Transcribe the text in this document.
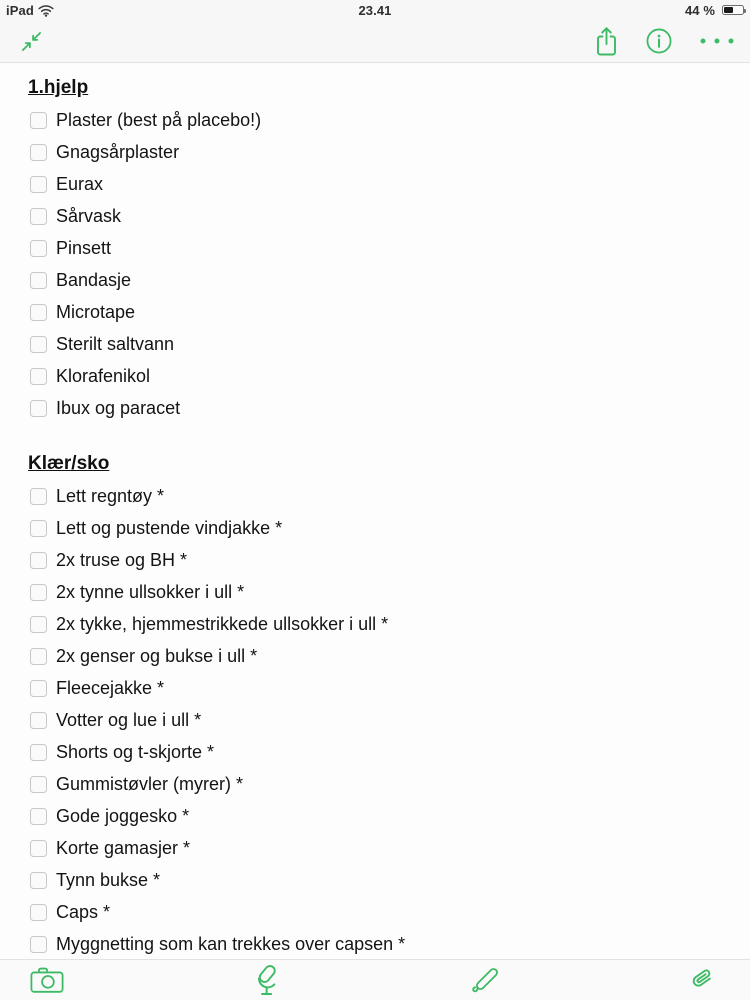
iPad	23.41	44 %
1.hjelp
Plaster (best på placebo!)
Gnagsårplaster
Eurax
Sårvask
Pinsett
Bandasje
Microtape
Sterilt saltvann
Klorafenikol
Ibux og paracet
Klær/sko
Lett regntøy *
Lett og pustende vindjakke *
2x truse og BH *
2x tynne ullsokker i ull *
2x tykke, hjemmestrikkede ullsokker i ull *
2x genser og bukse i ull *
Fleecejakke *
Votter og lue i ull *
Shorts og t-skjorte *
Gummistøvler (myrer) *
Gode joggesko *
Korte gamasjer *
Tynn bukse *
Caps *
Myggnetting som kan trekkes over capsen *
